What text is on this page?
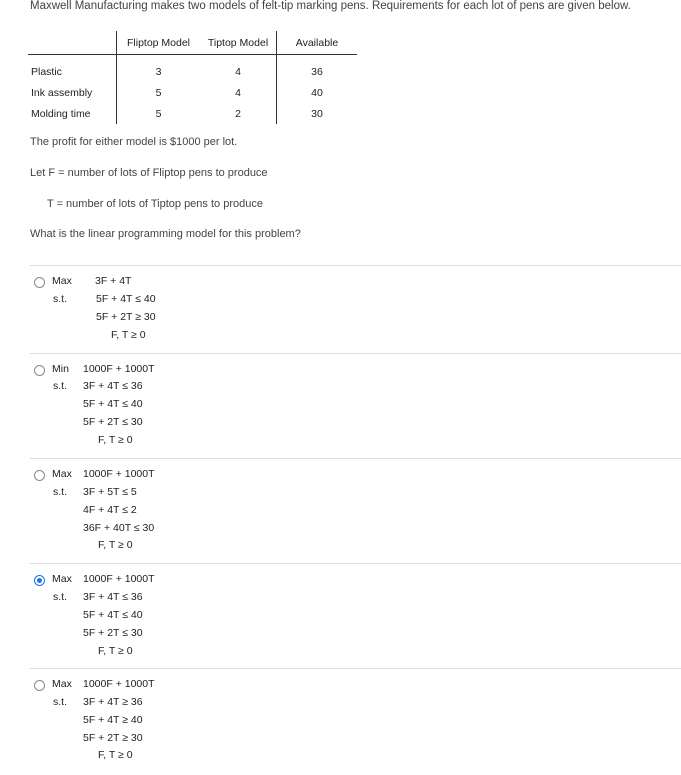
Maxwell Manufacturing makes two models of felt-tip marking pens. Requirements for each lot of pens are given below.
	Fliptop Model	Tiptop Model	Available
Plastic	3	4	36
Ink assembly	5	4	40
Molding time	5	2	30
The profit for either model is $1000 per lot.
Let F = number of lots of Fliptop pens to produce
T = number of lots of Tiptop pens to produce
What is the linear programming model for this problem?
Max 3F + 4T
s.t.	5F + 4T ≤ 40
5F + 2T ≥ 30
F, T ≥ 0
Min 1000F + 1000T
s.t. 3F + 4T ≤ 36
5F + 4T ≤ 40
5F + 2T ≤ 30
F, T ≥ 0
Max 1000F + 1000T
s.t. 3F + 5T ≤ 5
4F + 4T ≤ 2
36F + 40T ≤ 30
F, T ≥ 0
Max 1000F + 1000T
s.t. 3F + 4T ≤ 36
5F + 4T ≤ 40
5F + 2T ≤ 30
F, T ≥ 0
Max 1000F + 1000T
s.t. 3F + 4T ≥ 36
5F + 4T ≥ 40
5F + 2T ≥ 30
F, T ≥ 0
